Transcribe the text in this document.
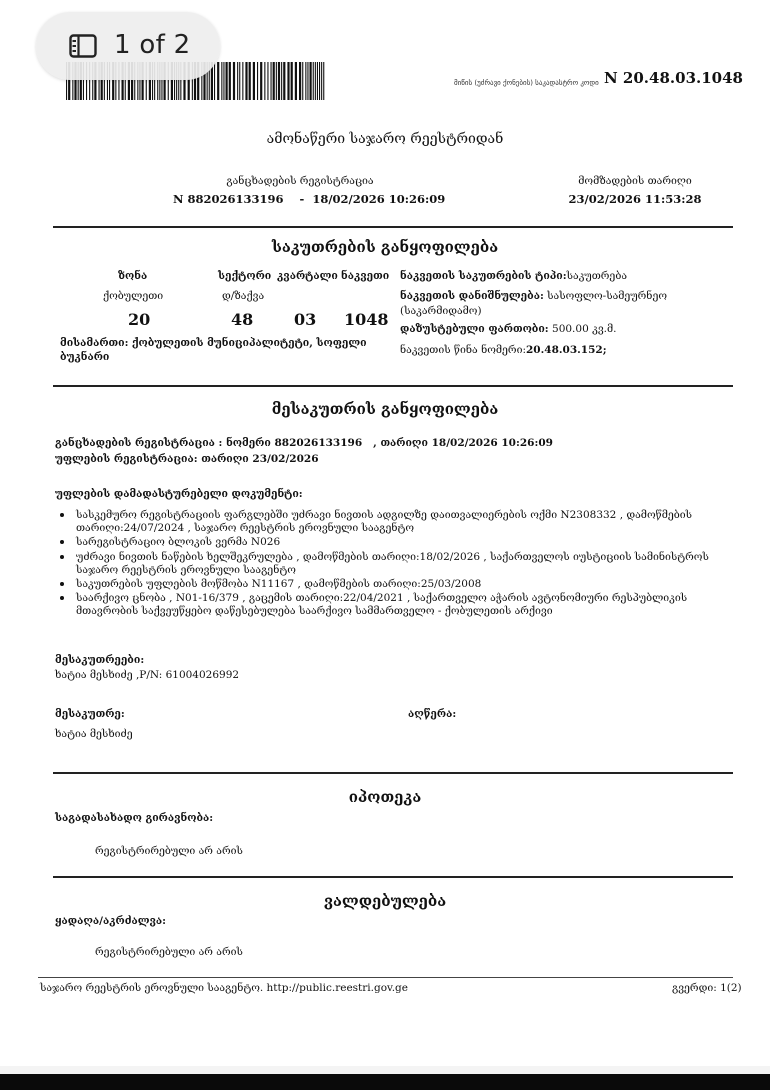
1 of 2
მიწის (უძრავი ქონების) საკადასტრო კოდი N 20.48.03.1048
ამონაწერი საჯარო რეესტრიდან
განცხადების რეგისტრაცია
N 882026133196    -  18/02/2026 10:26:09
მომზადების თარიღი
23/02/2026 11:53:28
საკუთრების განყოფილება
ზონა	სექტორი კვარტალი ნაკვეთი
ქობულეთი	დ/ზაქვა
20	48	03 1048
მისამართი: ქობულეთის მუნიციპალიტეტი, სოფელი
ბუკნარი
ნაკვეთის საკუთრების ტიპი:საკუთრება
ნაკვეთის დანიშნულება: სასოფლო-სამეურნეო
(საკარმიდამო)
დაზუსტებული ფართობი: 500.00 კვ.მ.
ნაკვეთის წინა ნომერი:20.48.03.152;
მესაკუთრის განყოფილება
განცხადების რეგისტრაცია : ნომერი 882026133196   , თარიღი 18/02/2026 10:26:09
უფლების რეგისტრაცია: თარიღი 23/02/2026
უფლების დამადასტურებელი დოკუმენტი:
სასკემურო რეგისტრაციის ფარგლებში უძრავი ნივთის ადგილზე დაითვალიერების ოქმი N2308332 , დამოწმების თარიღი:24/07/2024 , საჯარო რეესტრის ეროვნული სააგენტო
სარეგისტრაციო ბლოკის ვერმა N026
უძრავი ნივთის ნაწების ხელშეკრულება , დამოწმების თარიღი:18/02/2026 , საქართველოს იუსტიციის სამინისტროს საჯარო რეესტრის ეროვნული სააგენტო
საკუთრების უფლების მოწმობა N11167 , დამოწმების თარიღი:25/03/2008
საარქივო ცნობა , N01-16/379 , გაცემის თარიღი:22/04/2021 , საქართველო აჭარის ავტონომიური რესპუბლიკის მთავრობის საქვეუწყებო დაწესებულება საარქივო სამმართველო - ქობულეთის არქივი
მესაკუთრეები:
ხატია მესხიძე ,P/N: 61004026992
მესაკუთრე:
ხატია მესხიძე
აღწერა:
იპოთეკა
საგადასახადო გირავნობა:
რეგისტრირებული არ არის
ვალდებულება
ყადაღა/აკრძალვა:
რეგისტრირებული არ არის
საჯარო რეესტრის ეროვნული სააგენტო. http://public.reestri.gov.ge	გვერდი: 1(2)
